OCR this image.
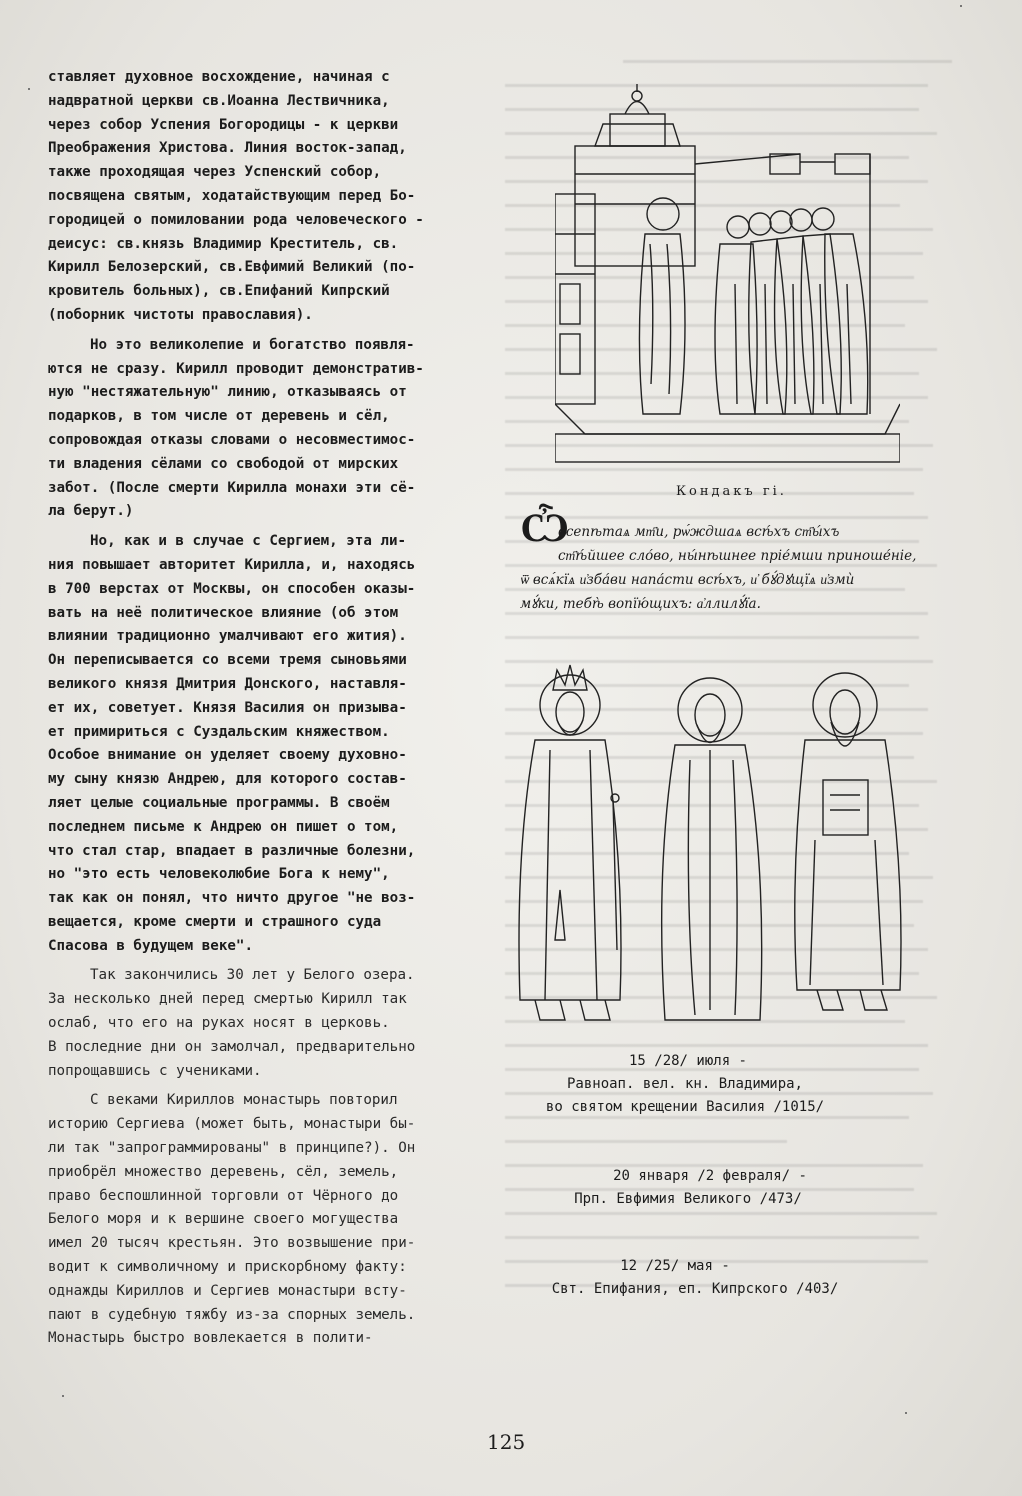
ставляет духовное восхождение, начиная с
надвратной церкви св.Иоанна Лествичника,
через собор Успения Богородицы - к церкви
Преображения Христова. Линия восток-запад,
также проходящая через Успенский собор,
посвящена святым, ходатайствующим перед Бо-
городицей о помиловании рода человеческого -
деисус: св.князь Владимир Креститель, св.
Кирилл Белозерский, св.Евфимий Великий (по-
кровитель больных), св.Епифаний Кипрский
(поборник чистоты православия).
Но это великолепие и богатство появля-
ются не сразу. Кирилл проводит демонстратив-
ную "нестяжательную" линию, отказываясь от
подарков, в том числе от деревень и сёл,
сопровождая отказы словами о несовместимос-
ти владения сёлами со свободой от мирских
забот. (После смерти Кирилла монахи эти сё-
ла берут.)
Но, как и в случае с Сергием, эта ли-
ния повышает авторитет Кирилла, и, находясь
в 700 верстах от Москвы, он способен оказы-
вать на неё политическое влияние (об этом
влиянии традиционно умалчивают его жития).
Он переписывается со всеми тремя сыновьями
великого князя Дмитрия Донского, наставля-
ет их, советует. Князя Василия он призыва-
ет примириться с Суздальским княжеством.
Особое внимание он уделяет своему духовно-
му сыну князю Андрею, для которого состав-
ляет целые социальные программы. В своём
последнем письме к Андрею он пишет о том,
что стал стар, впадает в различные болезни,
но "это есть человеколюбие Бога к нему",
так как он понял, что ничто другое "не воз-
вещается, кроме смерти и страшного суда
Спасова в будущем веке".
Так закончились 30 лет у Белого озера.
За несколько дней перед смертью Кирилл так
ослаб, что его на руках носят в церковь.
В последние дни он замолчал, предварительно
попрощавшись с учениками.
С веками Кириллов монастырь повторил
историю Сергиева (может быть, монастыри бы-
ли так "запрограммированы" в принципе?). Он
приобрёл множество деревень, сёл, земель,
право беспошлинной торговли от Чёрного до
Белого моря и к вершине своего могущества
имел 20 тысяч крестьян. Это возвышение при-
водит к символичному и прискорбному факту:
однажды Кириллов и Сергиев монастыри всту-
пают в судебную тяжбу из-за спорных земель.
Монастырь быстро вовлекается в полити-
Кондакъ гі.
Ѽ
всепѣтаѧ мт҃и, рѡ́ждшаѧ всѣ́хъ ст҃ы́хъ
ст҃ѣ́йшее сло́во, ны́нѣшнее пріе́мши приноше́ніе,
ѿ всѧ́кїѧ и҆зба́ви напа́сти всѣ́хъ, и҆ бꙋ́дꙋщїѧ и҆змѝ
мꙋ́ки, тебѣ̀ вопїю́щихъ: а҆ллилꙋ́їа.
15 /28/ июля -
Равноап. вел. кн. Владимира,
во святом крещении Василия /1015/
20 января /2 февраля/ -
Прп. Евфимия Великого /473/
12 /25/ мая -
Свт. Епифания, еп. Кипрского /403/
125
